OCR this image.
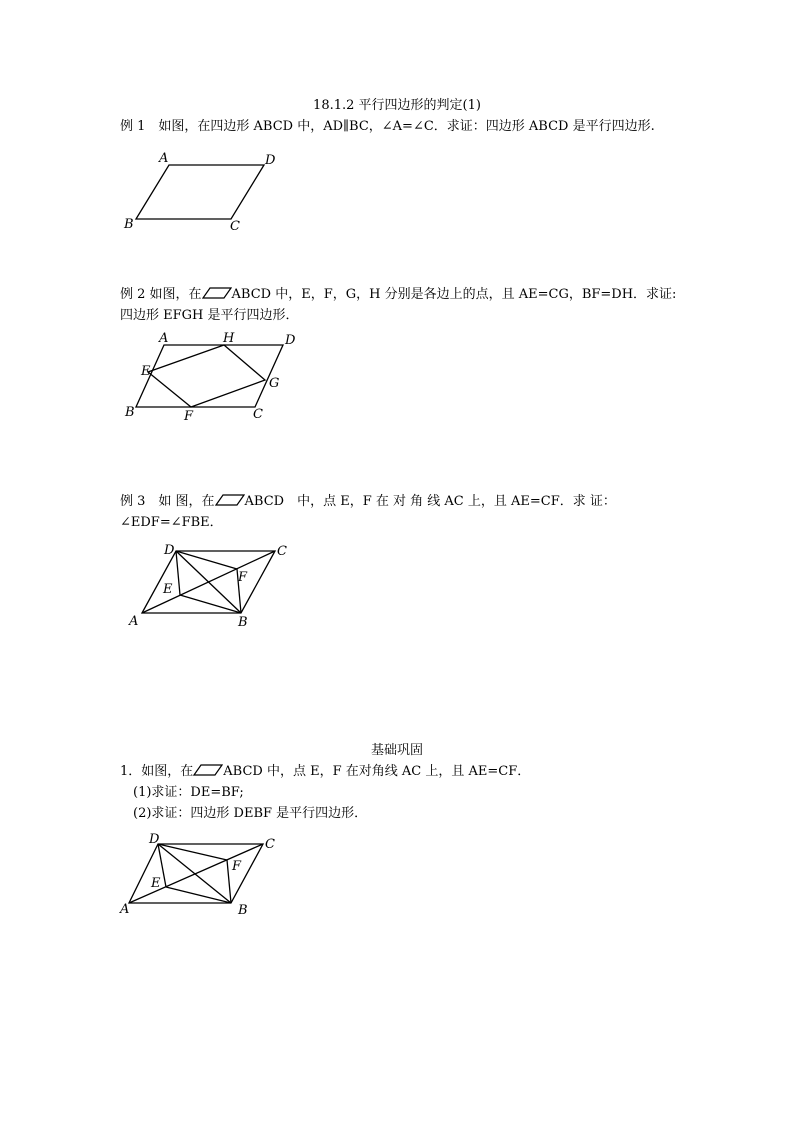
18.1.2 平行四边形的判定(1)
例 1　如图，在四边形 ABCD 中，AD∥BC，∠A=∠C．求证：四边形 ABCD 是平行四边形.
A	D
B	C
例 2 如图，在 ABCD 中，E，F，G，H 分别是各边上的点，且 AE=CG，BF=DH．求证:
四边形 EFGH 是平行四边形．
A	H	D
E
G
B	F	C
例 3　如 图，在 ABCD　中，点 E，F 在 对 角 线 AC 上，且 AE=CF．求 证：
∠EDF=∠FBE．
D	C
F
E
A	B
基础巩固
1．如图，在 ABCD 中，点 E，F 在对角线 AC 上，且 AE=CF．
(1)求证：DE=BF;
(2)求证：四边形 DEBF 是平行四边形．
D	C
F
E
A	B
